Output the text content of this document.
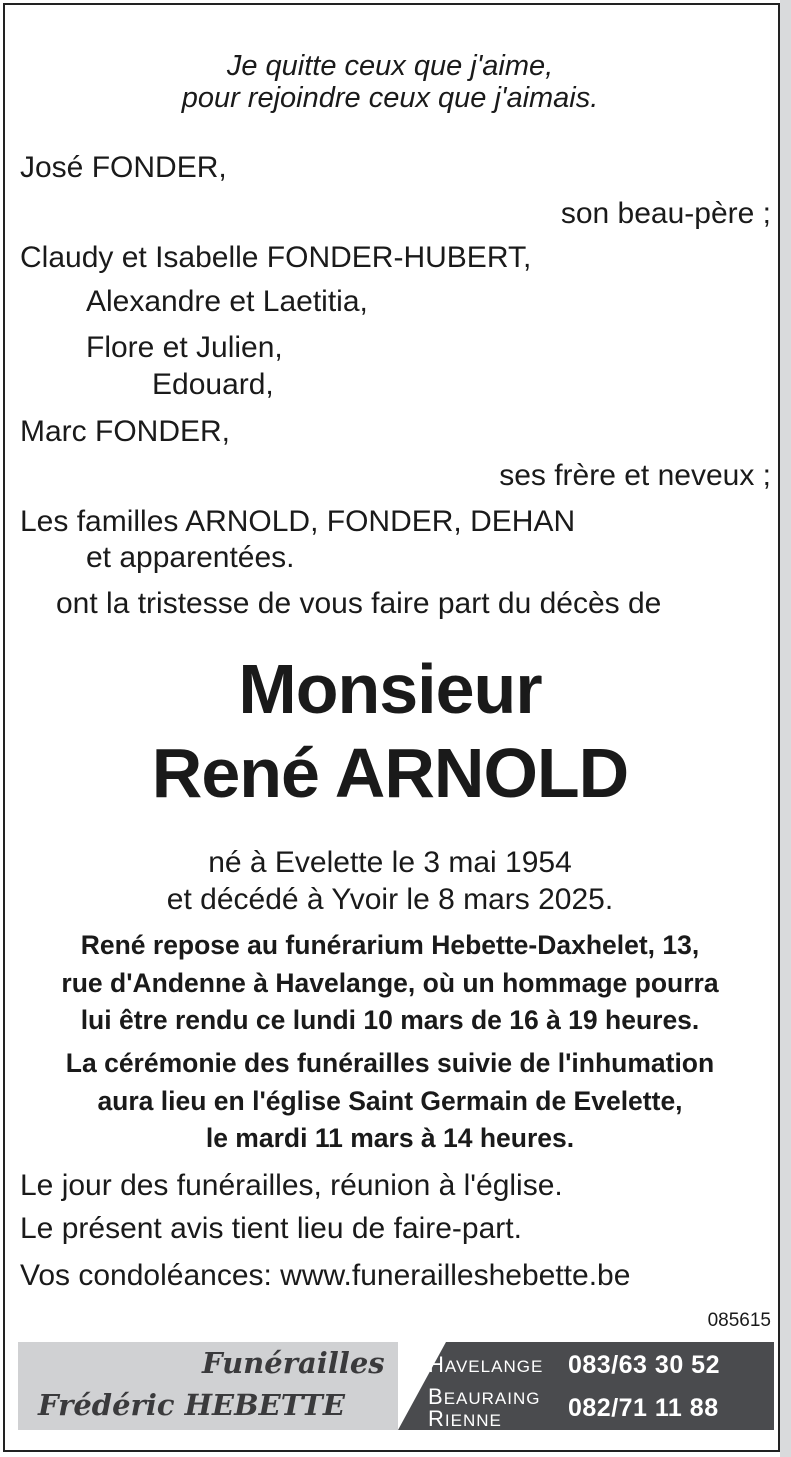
Je quitte ceux que j'aime,
pour rejoindre ceux que j'aimais.
José FONDER,
son beau-père ;
Claudy et Isabelle FONDER-HUBERT,
Alexandre et Laetitia,
Flore et Julien,
Edouard,
Marc FONDER,
ses frère et neveux ;
Les familles ARNOLD, FONDER, DEHAN
et apparentées.
ont la tristesse de vous faire part du décès de
Monsieur
René ARNOLD
né à Evelette le 3 mai 1954
et décédé à Yvoir le 8 mars 2025.
René repose au funérarium Hebette-Daxhelet, 13,
rue d'Andenne à Havelange, où un hommage pourra
lui être rendu ce lundi 10 mars de 16 à 19 heures.
La cérémonie des funérailles suivie de l'inhumation
aura lieu en l'église Saint Germain de Evelette,
le mardi 11 mars à 14 heures.
Le jour des funérailles, réunion à l'église.
Le présent avis tient lieu de faire-part.
Vos condoléances: www.funerailleshebette.be
085615
Funérailles
Frédéric HEBETTE
HAVELANGE 083/63 30 52
BEAURAING
RIENNE	082/71 11 88
